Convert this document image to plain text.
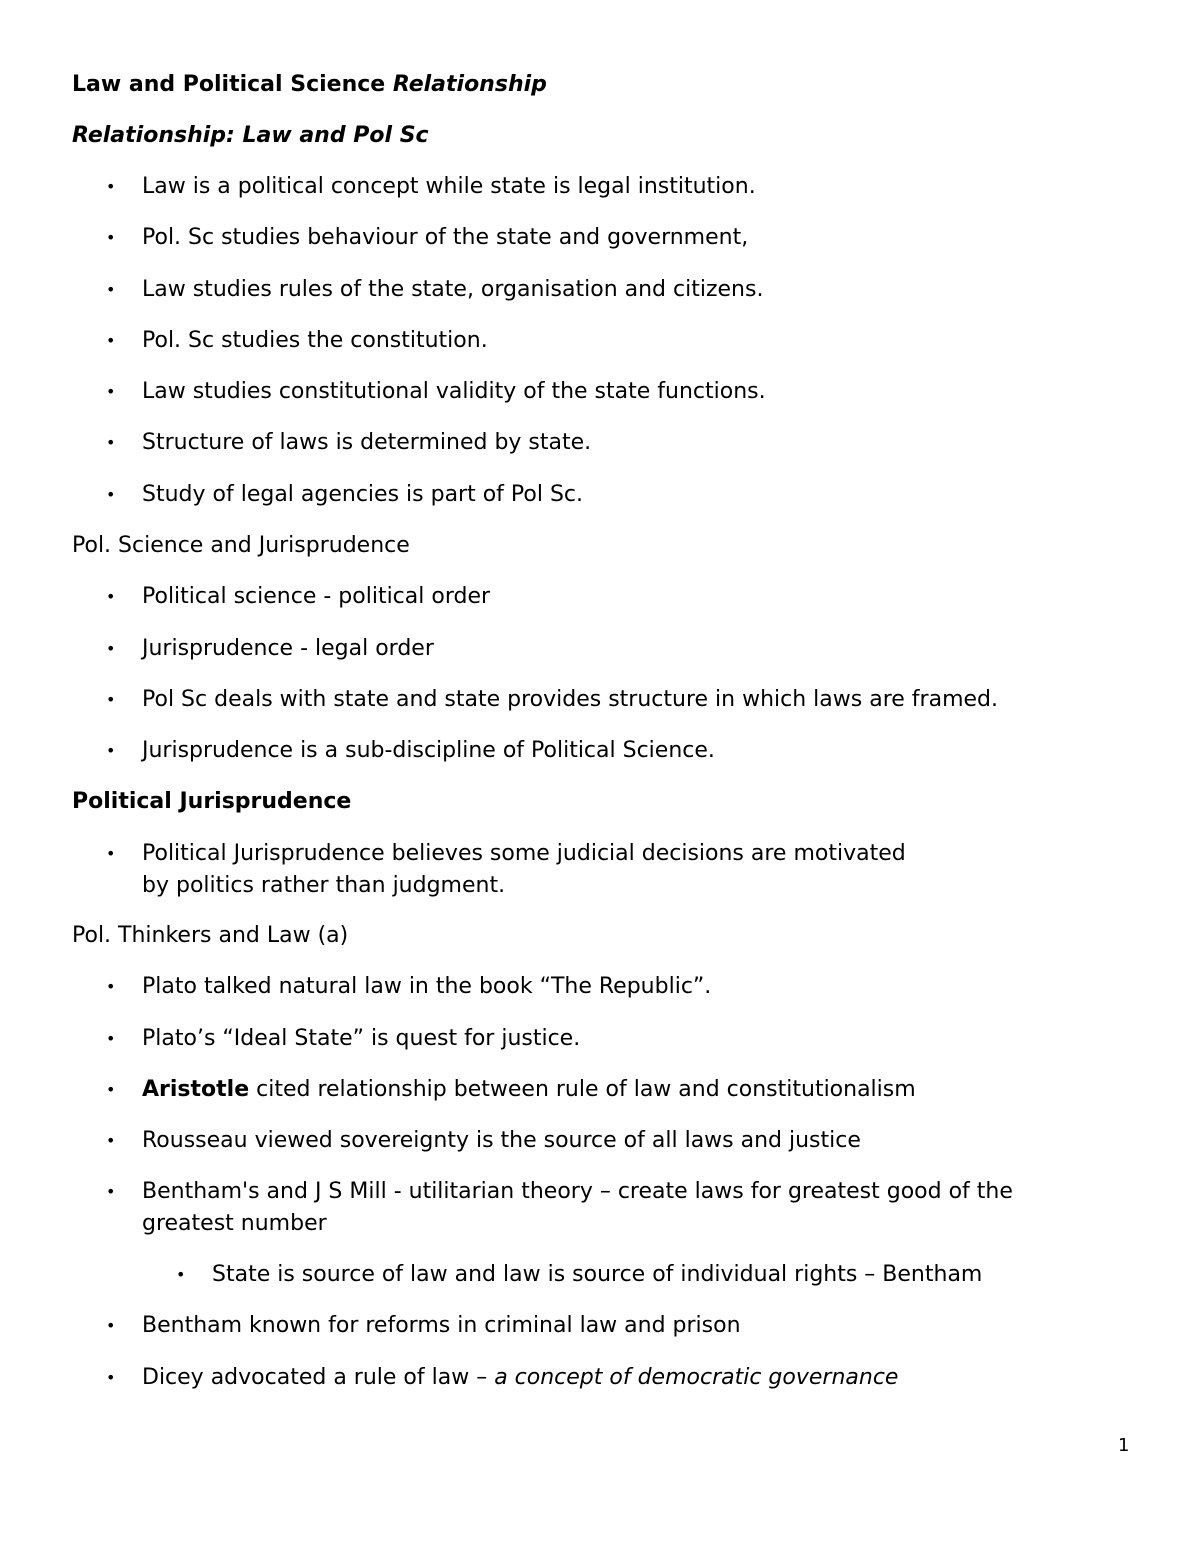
Law and Political Science Relationship
Relationship: Law and Pol Sc
• Law is a political concept while state is legal institution.
• Pol. Sc studies behaviour of the state and government,
• Law studies rules of the state, organisation and citizens.
• Pol. Sc studies the constitution.
• Law studies constitutional validity of the state functions.
• Structure of laws is determined by state.
• Study of legal agencies is part of Pol Sc.
Pol. Science and Jurisprudence
• Political science - political order
• Jurisprudence - legal order
• Pol Sc deals with state and state provides structure in which laws are framed.
• Jurisprudence is a sub-discipline of Political Science.
Political Jurisprudence
• Political Jurisprudence believes some judicial decisions are motivated
by politics rather than judgment.
Pol. Thinkers and Law (a)
• Plato talked natural law in the book “The Republic”.
• Plato’s “Ideal State” is quest for justice.
• Aristotle cited relationship between rule of law and constitutionalism
• Rousseau viewed sovereignty is the source of all laws and justice
• Bentham's and J S Mill - utilitarian theory – create laws for greatest good of the
greatest number
• State is source of law and law is source of individual rights – Bentham
• Bentham known for reforms in criminal law and prison
• Dicey advocated a rule of law – a concept of democratic governance
1
